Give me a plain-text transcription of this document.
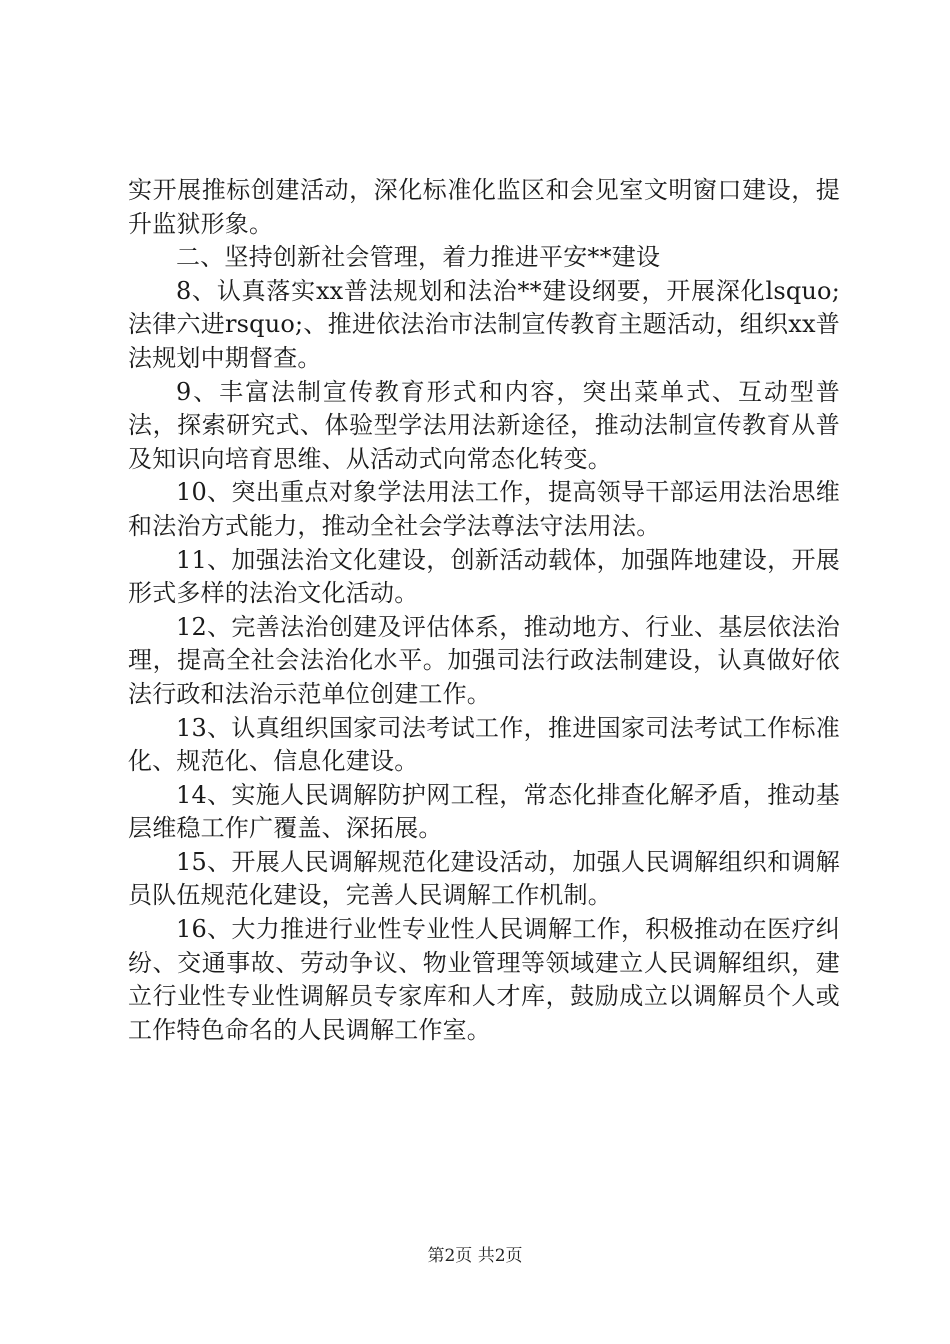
实开展推标创建活动，深化标准化监区和会见室文明窗口建设，提升监狱形象。

二、坚持创新社会管理，着力推进平安**建设

8、认真落实xx普法规划和法治**建设纲要，开展深化lsquo;法律六进rsquo;、推进依法治市法制宣传教育主题活动，组织xx普法规划中期督查。

9、丰富法制宣传教育形式和内容，突出菜单式、互动型普法，探索研究式、体验型学法用法新途径，推动法制宣传教育从普及知识向培育思维、从活动式向常态化转变。

10、突出重点对象学法用法工作，提高领导干部运用法治思维和法治方式能力，推动全社会学法尊法守法用法。

11、加强法治文化建设，创新活动载体，加强阵地建设，开展形式多样的法治文化活动。

12、完善法治创建及评估体系，推动地方、行业、基层依法治理，提高全社会法治化水平。加强司法行政法制建设，认真做好依法行政和法治示范单位创建工作。

13、认真组织国家司法考试工作，推进国家司法考试工作标准化、规范化、信息化建设。

14、实施人民调解防护网工程，常态化排查化解矛盾，推动基层维稳工作广覆盖、深拓展。

15、开展人民调解规范化建设活动，加强人民调解组织和调解员队伍规范化建设，完善人民调解工作机制。

16、大力推进行业性专业性人民调解工作，积极推动在医疗纠纷、交通事故、劳动争议、物业管理等领域建立人民调解组织，建立行业性专业性调解员专家库和人才库，鼓励成立以调解员个人或工作特色命名的人民调解工作室。

第2页 共2页
